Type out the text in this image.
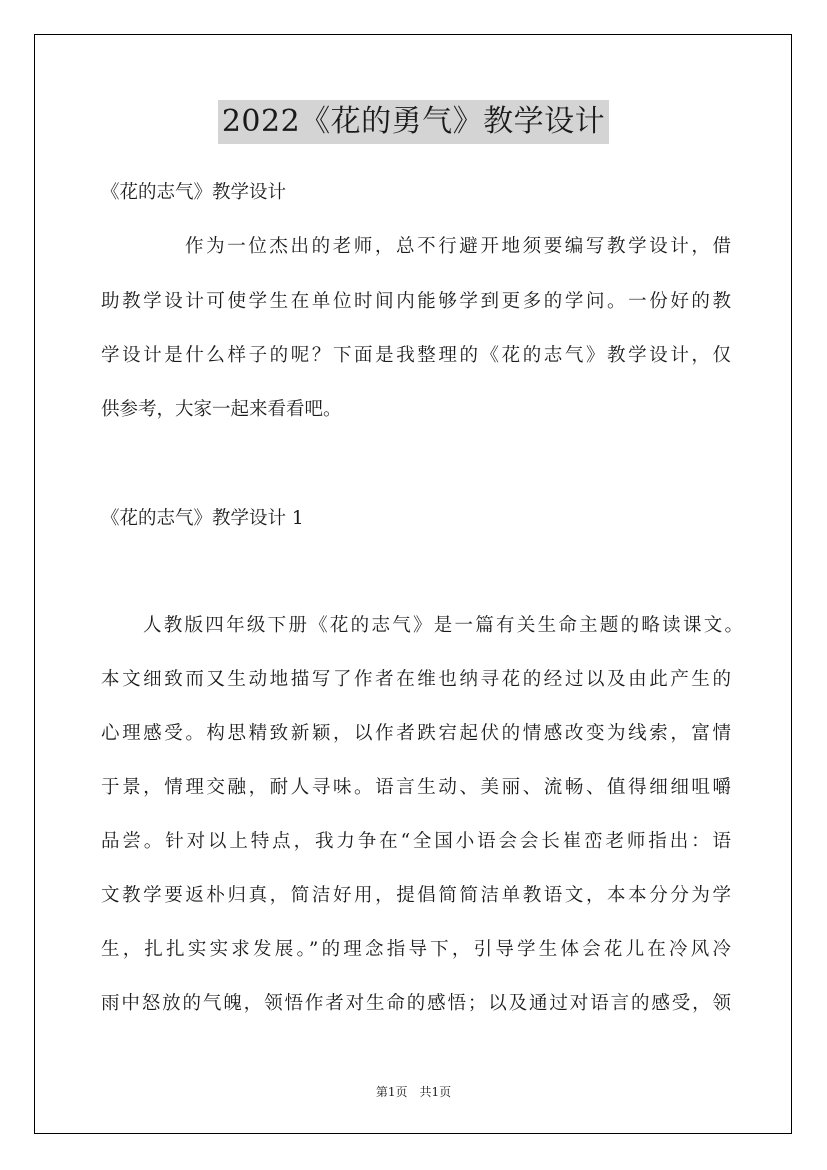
2022《花的勇气》教学设计
《花的志气》教学设计
作为一位杰出的老师，总不行避开地须要编写教学设计，借
助教学设计可使学生在单位时间内能够学到更多的学问。一份好的教
学设计是什么样子的呢？下面是我整理的《花的志气》教学设计，仅
供参考，大家一起来看看吧。
《花的志气》教学设计 1
人教版四年级下册《花的志气》是一篇有关生命主题的略读课文。
本文细致而又生动地描写了作者在维也纳寻花的经过以及由此产生的
心理感受。构思精致新颖，以作者跌宕起伏的情感改变为线索，富情
于景，情理交融，耐人寻味。语言生动、美丽、流畅、值得细细咀嚼
品尝。针对以上特点，我力争在“全国小语会会长崔峦老师指出：语
文教学要返朴归真，简洁好用，提倡简简洁单教语文，本本分分为学
生，扎扎实实求发展。”的理念指导下，引导学生体会花儿在冷风冷
雨中怒放的气魄，领悟作者对生命的感悟；以及通过对语言的感受，领
第1页　共1页
